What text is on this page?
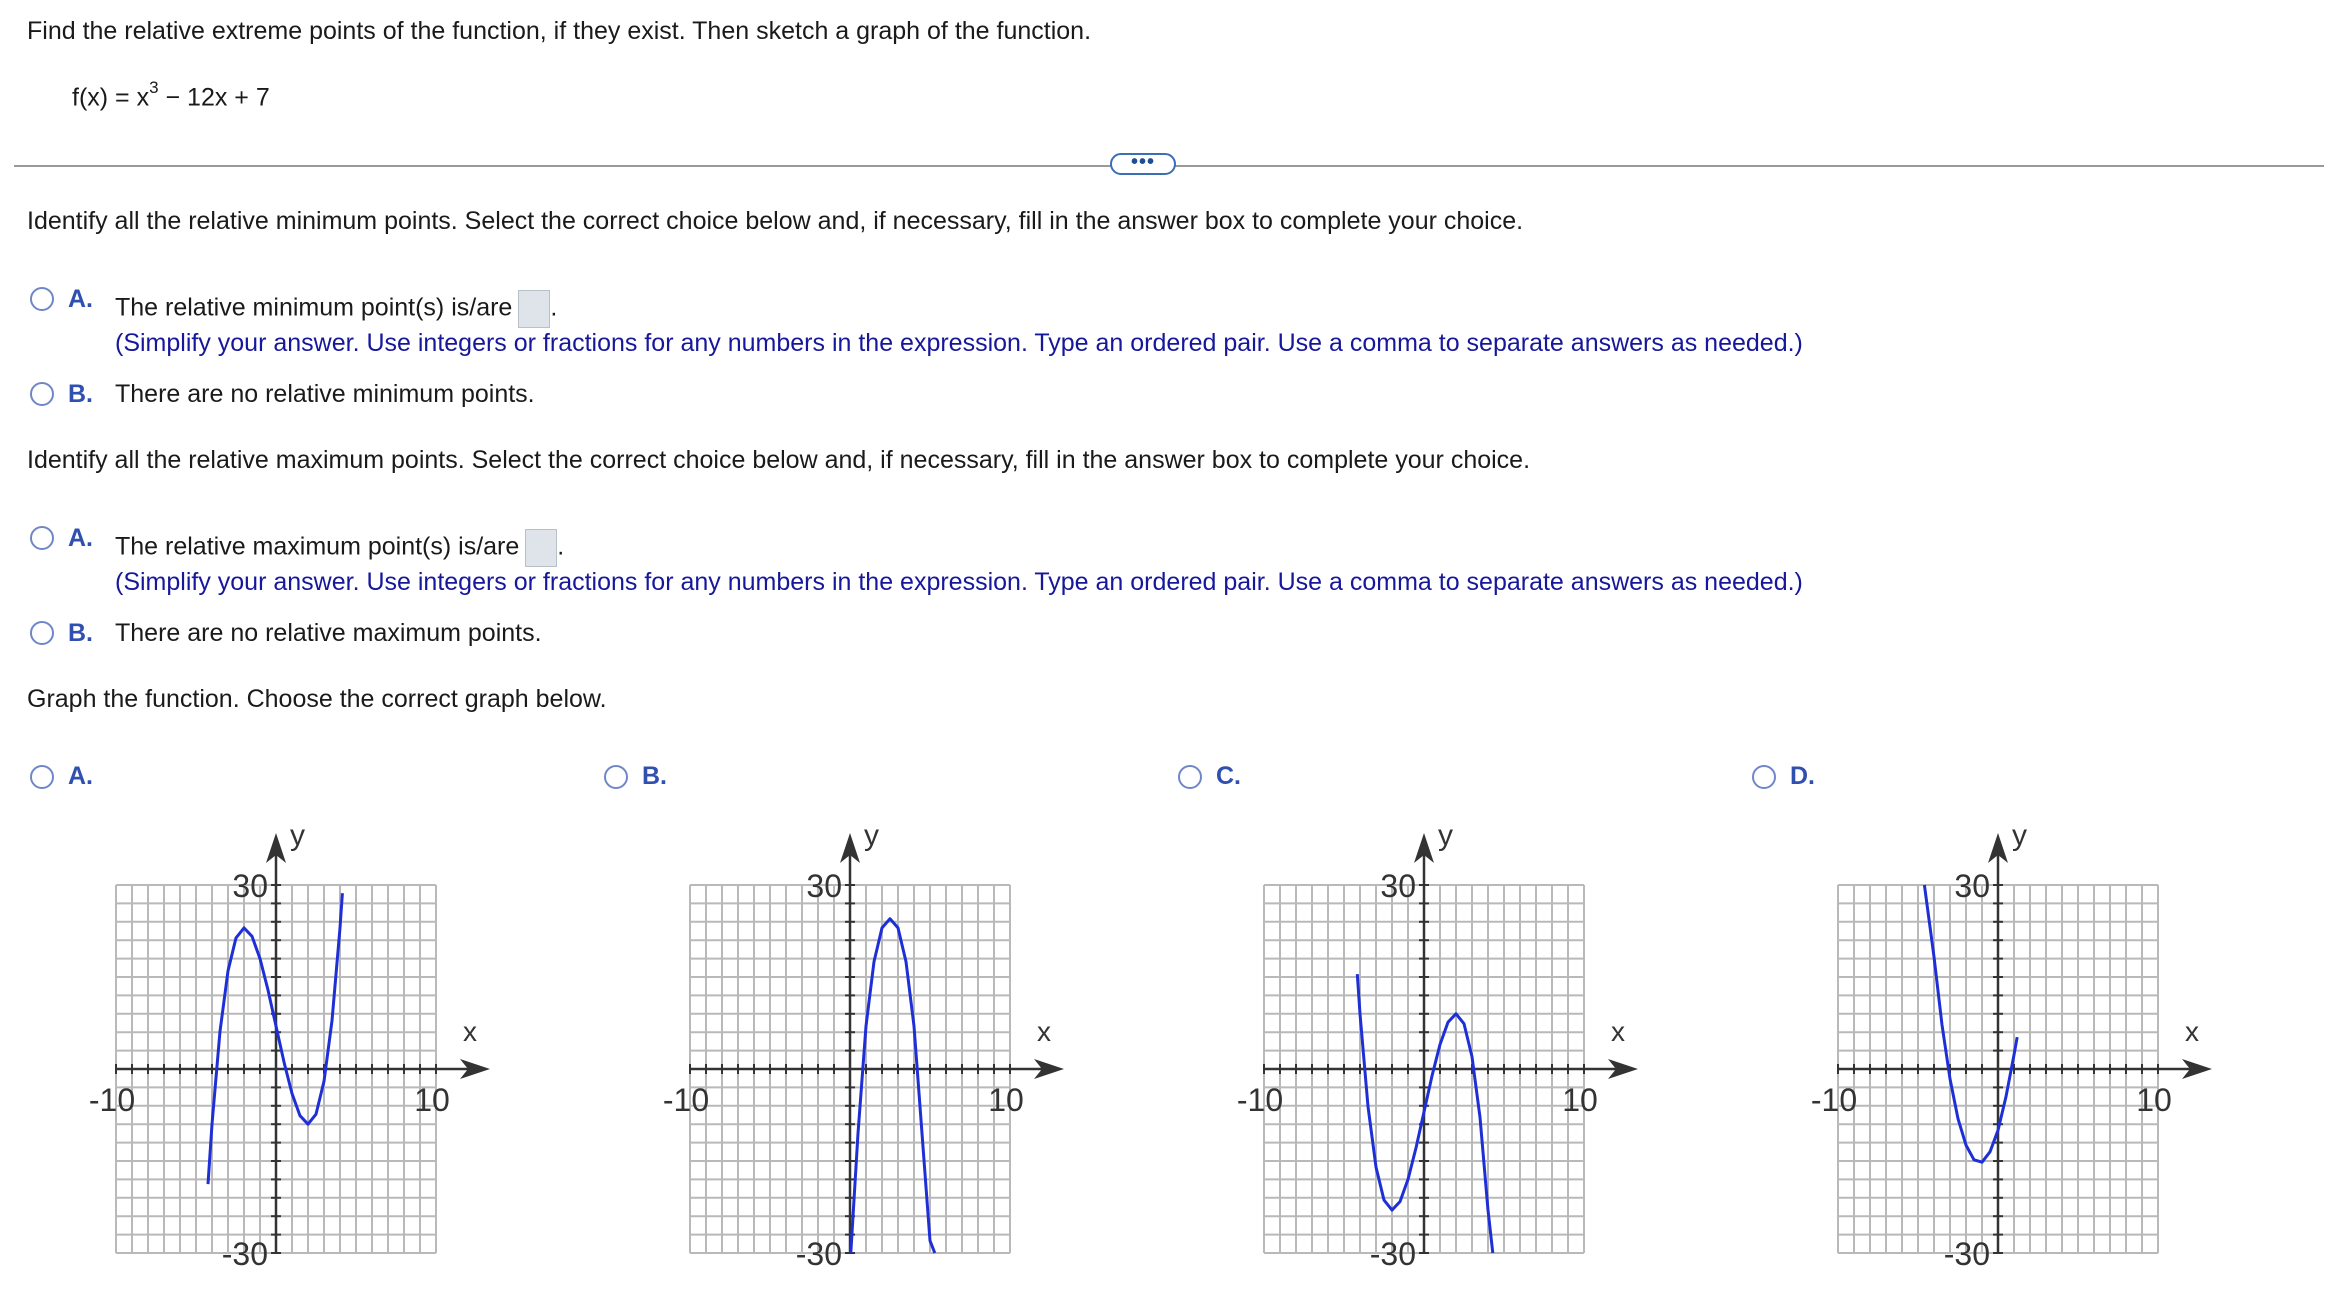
Find the relative extreme points of the function, if they exist. Then sketch a graph of the function.
$f(x) = x^3 - 12x + 7$
•••
Identify all the relative minimum points. Select the correct choice below and, if necessary, fill in the answer box to complete your choice.
A. The relative minimum point(s) is/are .
(Simplify your answer. Use integers or fractions for any numbers in the expression. Type an ordered pair. Use a comma to separate answers as needed.)
B. There are no relative minimum points.
Identify all the relative maximum points. Select the correct choice below and, if necessary, fill in the answer box to complete your choice.
A. The relative maximum point(s) is/are .
(Simplify your answer. Use integers or fractions for any numbers in the expression. Type an ordered pair. Use a comma to separate answers as needed.)
B. There are no relative maximum points.
Graph the function. Choose the correct graph below.
A.	B.	C.	D.
x
y
-10	10
30
-30
x
y
-10	10
30
-30
x
y
-10	10
30
-30
x
y
-10	10
30
-30
